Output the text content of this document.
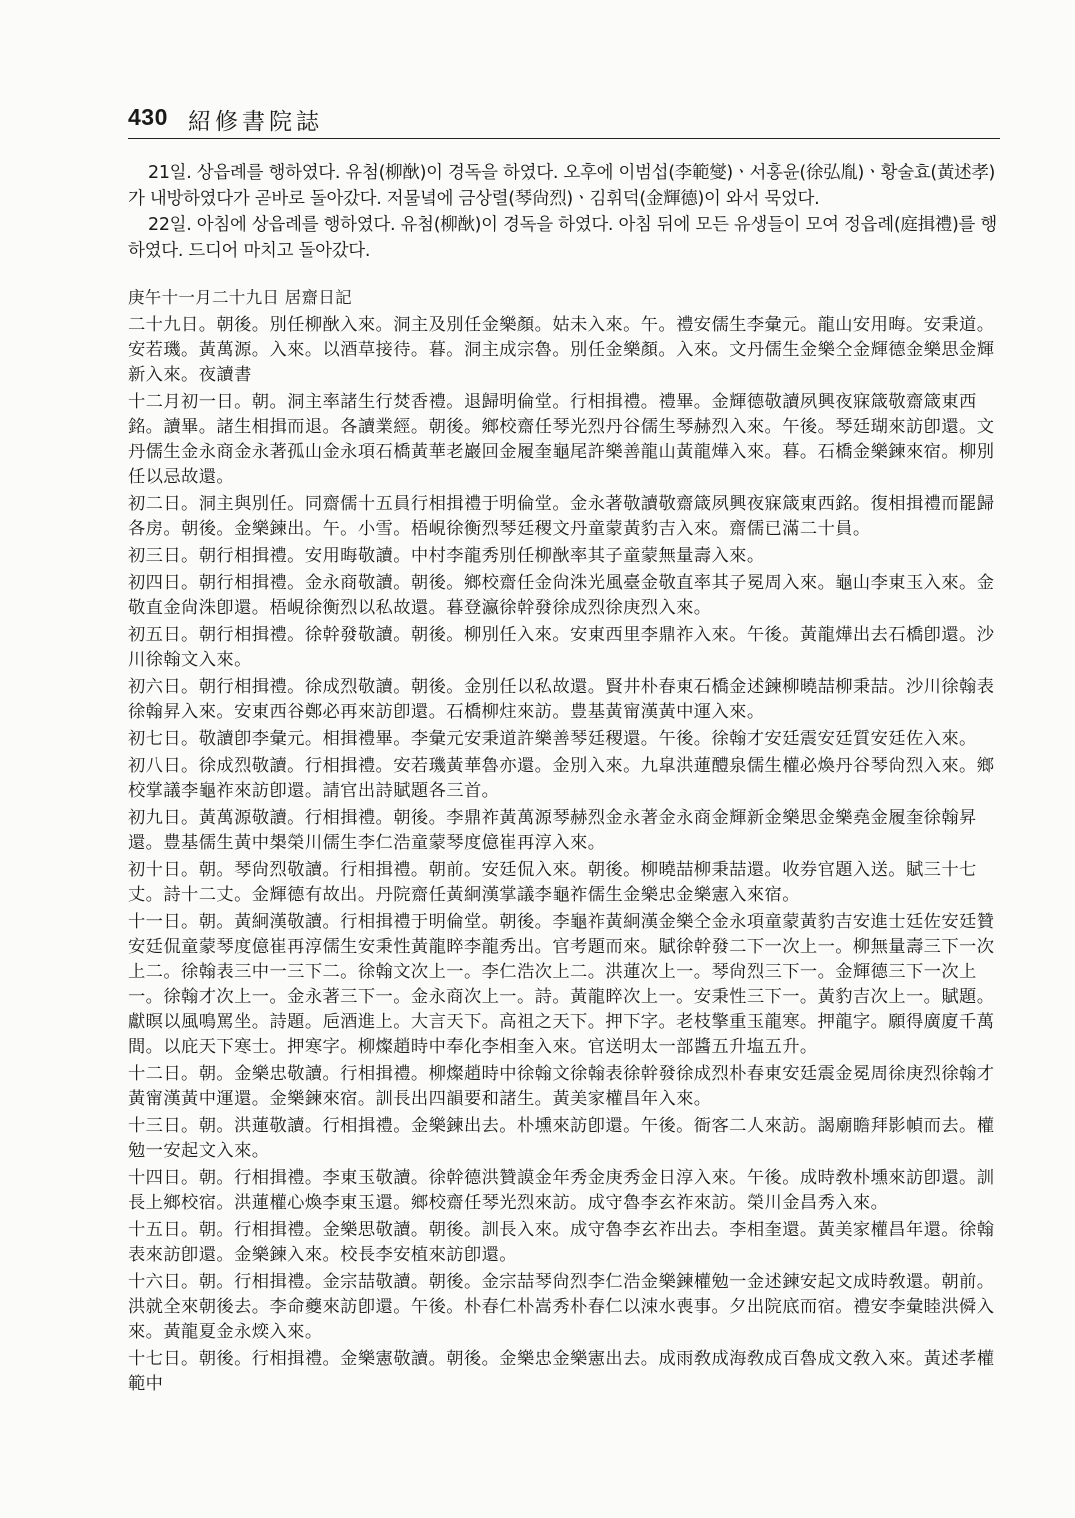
430 紹修書院誌

21일. 상읍례를 행하였다. 유첨(柳㷕)이 경독을 하였다. 오후에 이범섭(李範燮)ㆍ서홍윤(徐弘胤)ㆍ황술효(黃述孝)가 내방하였다가 곧바로 돌아갔다. 저물녘에 금상렬(琴尙烈)ㆍ김휘덕(金輝德)이 와서 묵었다.

22일. 아침에 상읍례를 행하였다. 유첨(柳㷕)이 경독을 하였다. 아침 뒤에 모든 유생들이 모여 정읍례(庭揖禮)를 행하였다. 드디어 마치고 돌아갔다.

庚午十一月二十九日 居齋日記

二十九日。朝後。別任柳㷕入來。洞主及別任金樂顏。姑未入來。午。禮安儒生李彙元。龍山安用晦。安秉道。安若璣。黃萬源。入來。以酒草接待。暮。洞主成宗魯。別任金樂顏。入來。文丹儒生金樂仝金輝德金樂思金輝新入來。夜讀書

十二月初一日。朝。洞主率諸生行焚香禮。退歸明倫堂。行相揖禮。禮畢。金輝德敬讀夙興夜寐箴敬齋箴東西銘。讀畢。諸生相揖而退。各讀業經。朝後。鄉校齋任琴光烈丹谷儒生琴赫烈入來。午後。琴廷瑚來訪卽還。文丹儒生金永商金永著孤山金永項石橋黃華老巖回金履奎龜尾許樂善龍山黃龍燁入來。暮。石橋金樂鍊來宿。柳別任以忌故還。

初二日。洞主與別任。同齋儒十五員行相揖禮于明倫堂。金永著敬讀敬齋箴夙興夜寐箴東西銘。復相揖禮而罷歸各房。朝後。金樂鍊出。午。小雪。梧峴徐衡烈琴廷稷文丹童蒙黃豹吉入來。齋儒已滿二十員。

初三日。朝行相揖禮。安用晦敬讀。中村李龍秀別任柳㷕率其子童蒙無量壽入來。

初四日。朝行相揖禮。金永商敬讀。朝後。鄉校齋任金尙洙光風臺金敬直率其子冕周入來。龜山李東玉入來。金敬直金尙洙卽還。梧峴徐衡烈以私故還。暮登瀛徐幹發徐成烈徐庚烈入來。

初五日。朝行相揖禮。徐幹發敬讀。朝後。柳別任入來。安東西里李鼎祚入來。午後。黃龍燁出去石橋卽還。沙川徐翰文入來。

初六日。朝行相揖禮。徐成烈敬讀。朝後。金別任以私故還。賢井朴春東石橋金述鍊柳曉喆柳秉喆。沙川徐翰表徐翰昇入來。安東西谷鄭必再來訪卽還。石橋柳炷來訪。豊基黃甯漢黃中運入來。

初七日。敬讀卽李彙元。相揖禮畢。李彙元安秉道許樂善琴廷稷還。午後。徐翰才安廷震安廷質安廷佐入來。

初八日。徐成烈敬讀。行相揖禮。安若璣黃華魯亦還。金別入來。九皐洪蓮醴泉儒生權必煥丹谷琴尙烈入來。鄉校掌議李龜祚來訪卽還。請官出詩賦題各三首。

初九日。黃萬源敬讀。行相揖禮。朝後。李鼎祚黃萬源琴赫烈金永著金永商金輝新金樂思金樂堯金履奎徐翰昇還。豊基儒生黃中槼榮川儒生李仁浩童蒙琴度億崔再淳入來。

初十日。朝。琴尙烈敬讀。行相揖禮。朝前。安廷侃入來。朝後。柳曉喆柳秉喆還。收券官題入送。賦三十七丈。詩十二丈。金輝德有故出。丹院齋任黃絅漢掌議李龜祚儒生金樂忠金樂憲入來宿。

十一日。朝。黃絅漢敬讀。行相揖禮于明倫堂。朝後。李龜祚黃絅漢金樂仝金永項童蒙黃豹吉安進士廷佐安廷贊安廷侃童蒙琴度億崔再淳儒生安秉性黃龍睟李龍秀出。官考題而來。賦徐幹發二下一次上一。柳無量壽三下一次上二。徐翰表三中一三下二。徐翰文次上一。李仁浩次上二。洪蓮次上一。琴尙烈三下一。金輝德三下一次上一。徐翰才次上一。金永著三下一。金永商次上一。詩。黃龍睟次上一。安秉性三下一。黃豹吉次上一。賦題。獻暝以風鳴罵坐。詩題。巵酒進上。大言天下。高祖之天下。押下字。老枝擎重玉龍寒。押龍字。願得廣廈千萬間。以庇天下寒士。押寒字。柳燦趙時中奉化李相奎入來。官送明太一部醬五升塩五升。

十二日。朝。金樂忠敬讀。行相揖禮。柳燦趙時中徐翰文徐翰表徐幹發徐成烈朴春東安廷震金冕周徐庚烈徐翰才黃甯漢黃中運還。金樂鍊來宿。訓長出四韻要和諸生。黃美家權昌年入來。

十三日。朝。洪蓮敬讀。行相揖禮。金樂鍊出去。朴壎來訪卽還。午後。衙客二人來訪。謁廟瞻拜影幀而去。權勉一安起文入來。

十四日。朝。行相揖禮。李東玉敬讀。徐幹德洪贊謨金年秀金庚秀金日淳入來。午後。成時敎朴壎來訪卽還。訓長上鄉校宿。洪蓮權心煥李東玉還。鄉校齋任琴光烈來訪。成守魯李玄祚來訪。榮川金昌秀入來。

十五日。朝。行相揖禮。金樂思敬讀。朝後。訓長入來。成守魯李玄祚出去。李相奎還。黃美家權昌年還。徐翰表來訪卽還。金樂鍊入來。校長李安植來訪卽還。

十六日。朝。行相揖禮。金宗喆敬讀。朝後。金宗喆琴尙烈李仁浩金樂鍊權勉一金述鍊安起文成時敎還。朝前。洪就全來朝後去。李命夔來訪卽還。午後。朴春仁朴嵩秀朴春仁以涑水喪事。夕出院底而宿。禮安李彙睦洪僢入來。黃龍夏金永㷜入來。

十七日。朝後。行相揖禮。金樂憲敬讀。朝後。金樂忠金樂憲出去。成雨敎成海敎成百魯成文敎入來。黃述孝權範中
